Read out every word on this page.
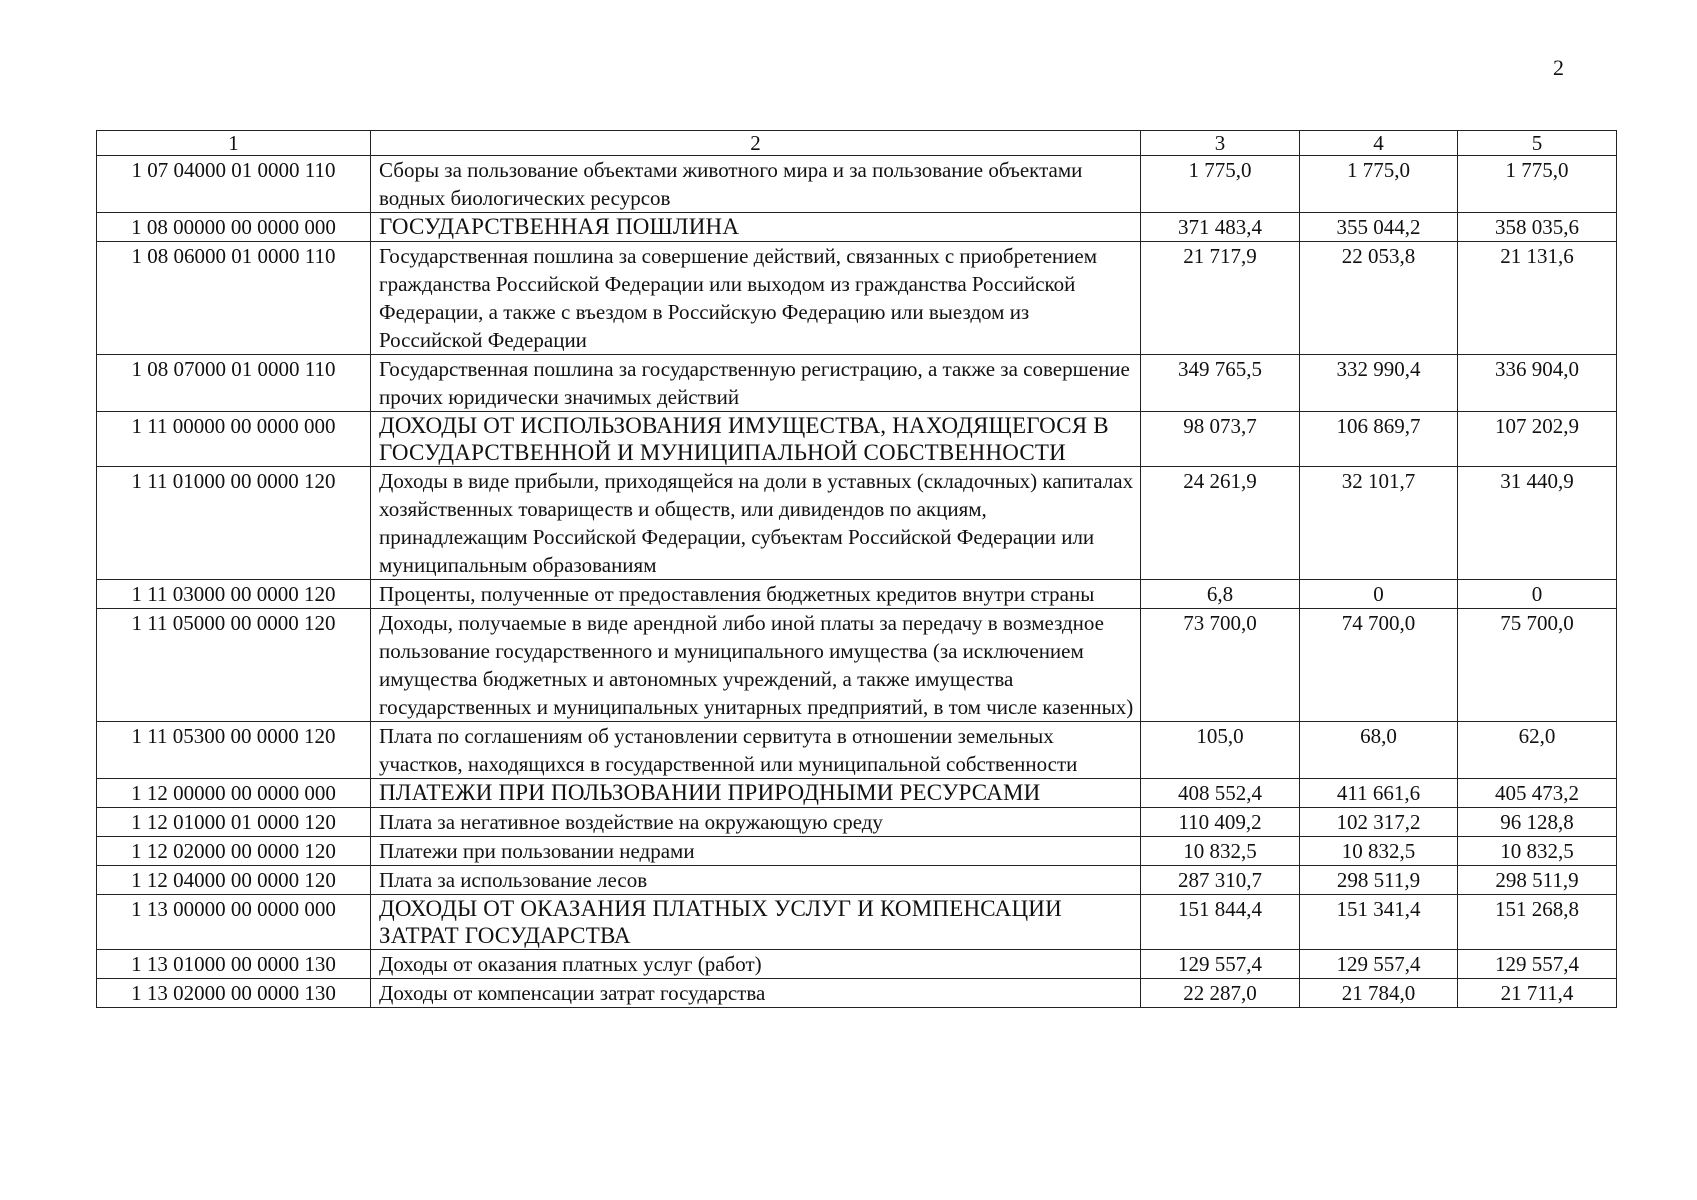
2
1	2	3	4	5
1 07 04000 01 0000 110	Сборы за пользование объектами животного мира и за пользование объектами водных биологических ресурсов	1 775,0	1 775,0	1 775,0
1 08 00000 00 0000 000	ГОСУДАРСТВЕННАЯ ПОШЛИНА	371 483,4	355 044,2	358 035,6
1 08 06000 01 0000 110	Государственная пошлина за совершение действий, связанных с приобретением гражданства Российской Федерации или выходом из гражданства Российской Федерации, а также с въездом в Российскую Федерацию или выездом из Российской Федерации	21 717,9	22 053,8	21 131,6
1 08 07000 01 0000 110	Государственная пошлина за государственную регистрацию, а также за совершение прочих юридически значимых действий	349 765,5	332 990,4	336 904,0
1 11 00000 00 0000 000	ДОХОДЫ ОТ ИСПОЛЬЗОВАНИЯ ИМУЩЕСТВА, НАХОДЯЩЕГОСЯ В ГОСУДАРСТВЕННОЙ И МУНИЦИПАЛЬНОЙ СОБСТВЕННОСТИ	98 073,7	106 869,7	107 202,9
1 11 01000 00 0000 120	Доходы в виде прибыли, приходящейся на доли в уставных (складочных) капиталах хозяйственных товариществ и обществ, или дивидендов по акциям, принадлежащим Российской Федерации, субъектам Российской Федерации или муниципальным образованиям	24 261,9	32 101,7	31 440,9
1 11 03000 00 0000 120	Проценты, полученные от предоставления бюджетных кредитов внутри страны	6,8	0	0
1 11 05000 00 0000 120	Доходы, получаемые в виде арендной либо иной платы за передачу в возмездное пользование государственного и муниципального имущества (за исключением имущества бюджетных и автономных учреждений, а также имущества государственных и муниципальных унитарных предприятий, в том числе казенных)	73 700,0	74 700,0	75 700,0
1 11 05300 00 0000 120	Плата по соглашениям об установлении сервитута в отношении земельных участков, находящихся в государственной или муниципальной собственности	105,0	68,0	62,0
1 12 00000 00 0000 000	ПЛАТЕЖИ ПРИ ПОЛЬЗОВАНИИ ПРИРОДНЫМИ РЕСУРСАМИ	408 552,4	411 661,6	405 473,2
1 12 01000 01 0000 120	Плата за негативное воздействие на окружающую среду	110 409,2	102 317,2	96 128,8
1 12 02000 00 0000 120	Платежи при пользовании недрами	10 832,5	10 832,5	10 832,5
1 12 04000 00 0000 120	Плата за использование лесов	287 310,7	298 511,9	298 511,9
1 13 00000 00 0000 000	ДОХОДЫ ОТ ОКАЗАНИЯ ПЛАТНЫХ УСЛУГ И КОМПЕНСАЦИИ ЗАТРАТ ГОСУДАРСТВА	151 844,4	151 341,4	151 268,8
1 13 01000 00 0000 130	Доходы от оказания платных услуг (работ)	129 557,4	129 557,4	129 557,4
1 13 02000 00 0000 130	Доходы от компенсации затрат государства	22 287,0	21 784,0	21 711,4
